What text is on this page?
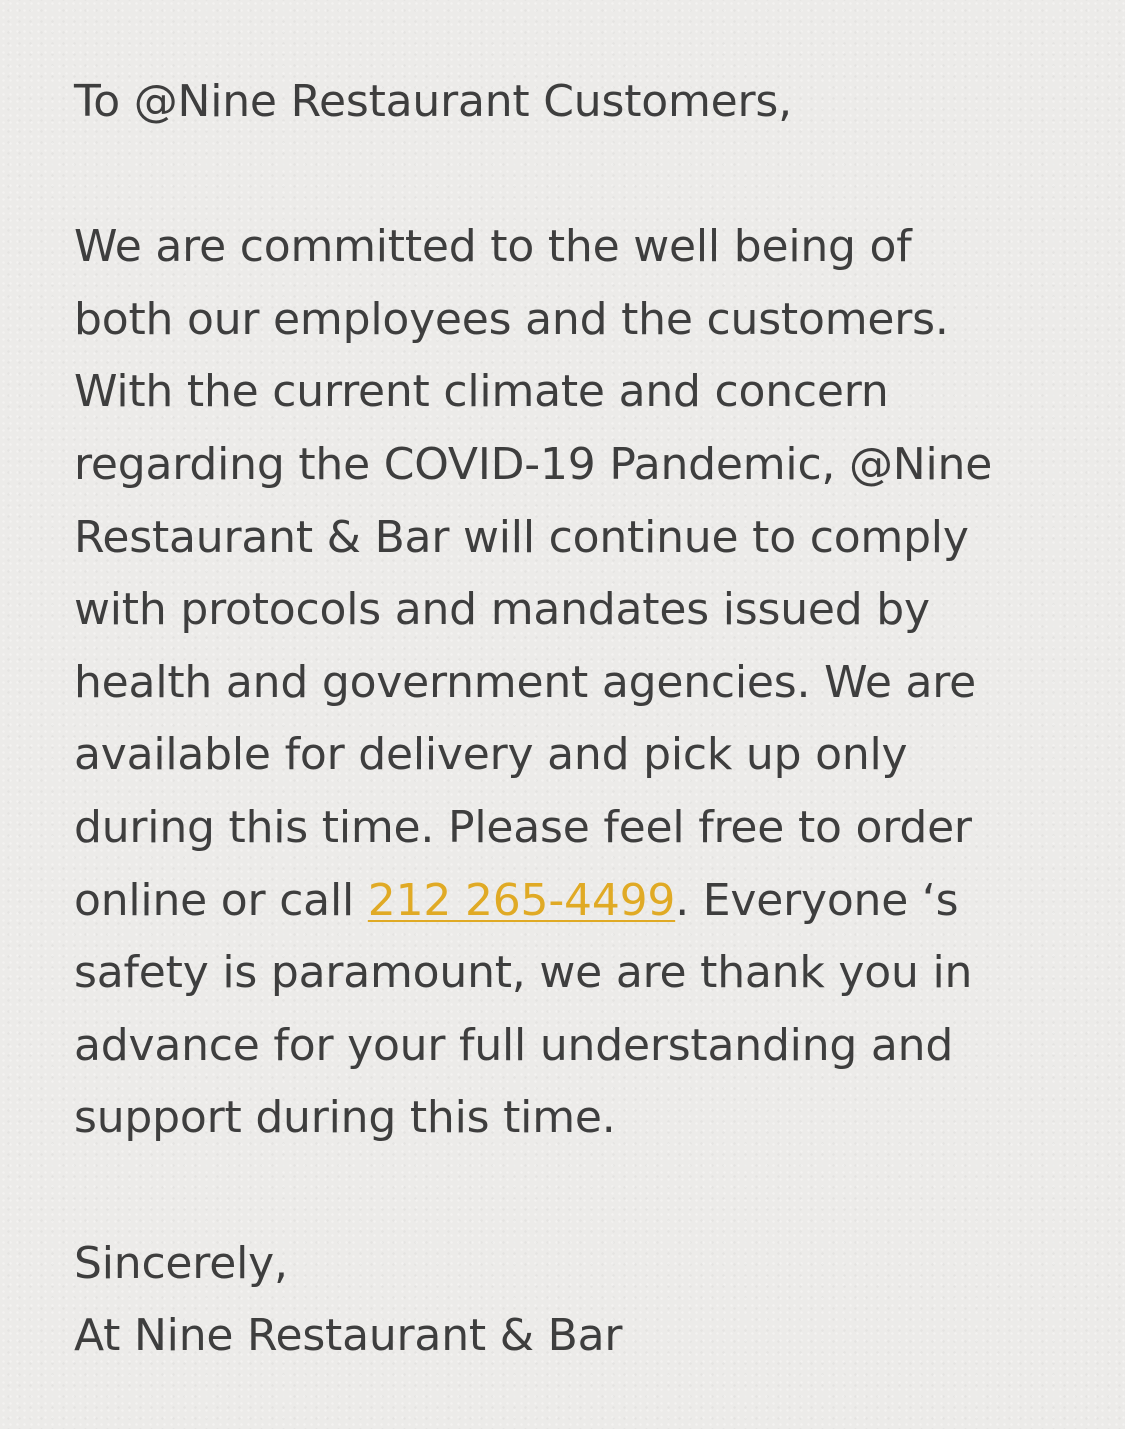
To @Nine Restaurant Customers,
We are committed to the well being of
both our employees and the customers.
With the current climate and concern
regarding the COVID-19 Pandemic, @Nine
Restaurant & Bar will continue to comply
with protocols and mandates issued by
health and government agencies. We are
available for delivery and pick up only
during this time. Please feel free to order
online or call 212 265-4499. Everyone ‘s
safety is paramount, we are thank you in
advance for your full understanding and
support during this time.
Sincerely,
At Nine Restaurant & Bar
